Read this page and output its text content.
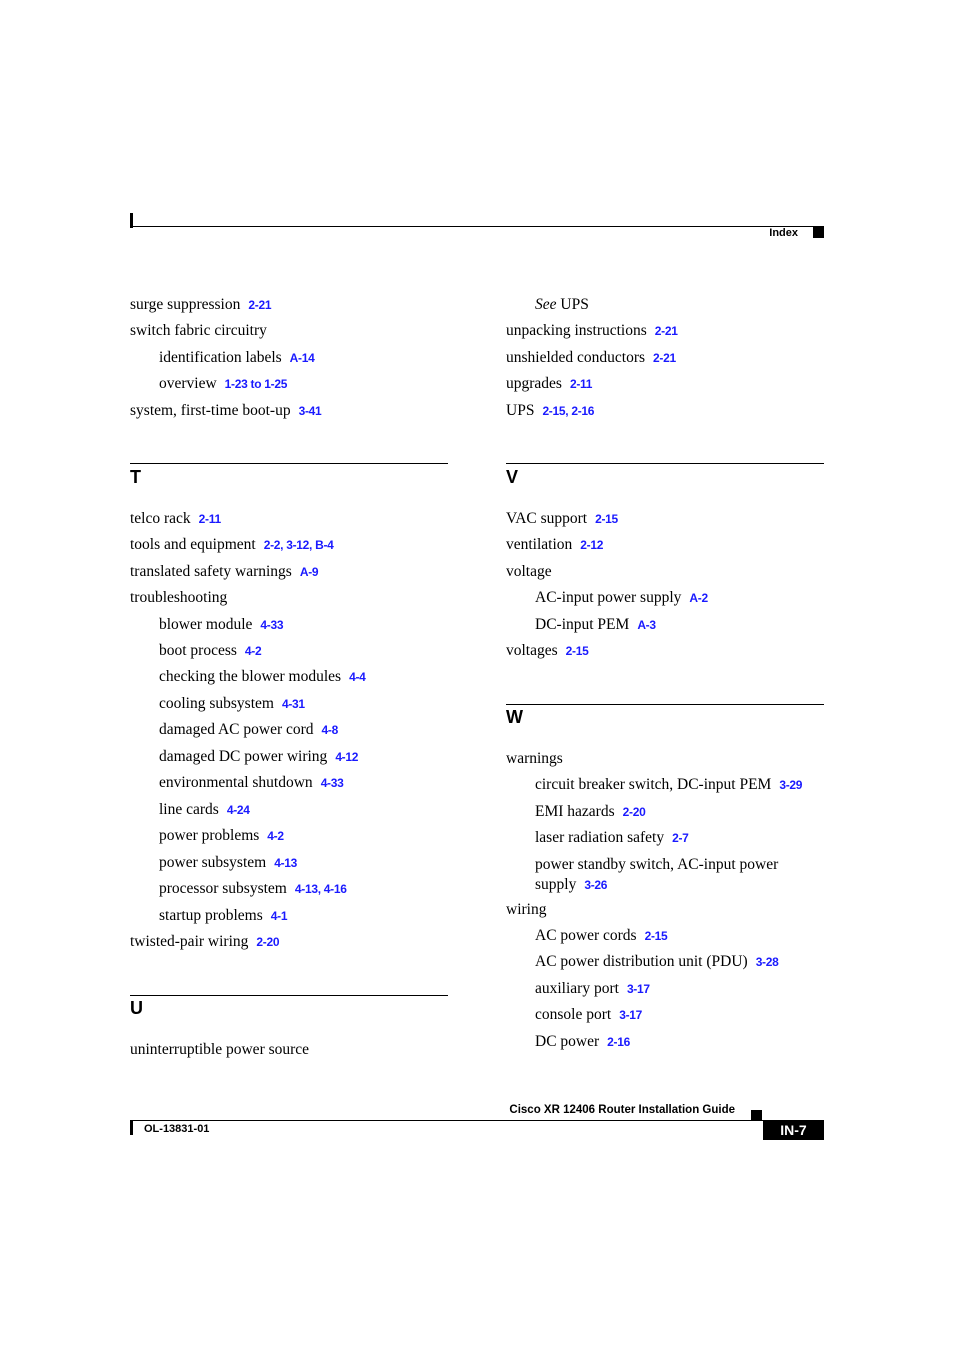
Index
surge suppression 2-21
switch fabric circuitry
identification labels A-14
overview 1-23 to 1-25
system, first-time boot-up 3-41
T
telco rack 2-11
tools and equipment 2-2, 3-12, B-4
translated safety warnings A-9
troubleshooting
blower module 4-33
boot process 4-2
checking the blower modules 4-4
cooling subsystem 4-31
damaged AC power cord 4-8
damaged DC power wiring 4-12
environmental shutdown 4-33
line cards 4-24
power problems 4-2
power subsystem 4-13
processor subsystem 4-13, 4-16
startup problems 4-1
twisted-pair wiring 2-20
U
uninterruptible power source
See UPS
unpacking instructions 2-21
unshielded conductors 2-21
upgrades 2-11
UPS 2-15, 2-16
V
VAC support 2-15
ventilation 2-12
voltage
AC-input power supply A-2
DC-input PEM A-3
voltages 2-15
W
warnings
circuit breaker switch, DC-input PEM 3-29
EMI hazards 2-20
laser radiation safety 2-7
power standby switch, AC-input power supply 3-26
wiring
AC power cords 2-15
AC power distribution unit (PDU) 3-28
auxiliary port 3-17
console port 3-17
DC power 2-16
Cisco XR 12406 Router Installation Guide
OL-13831-01	IN-7
